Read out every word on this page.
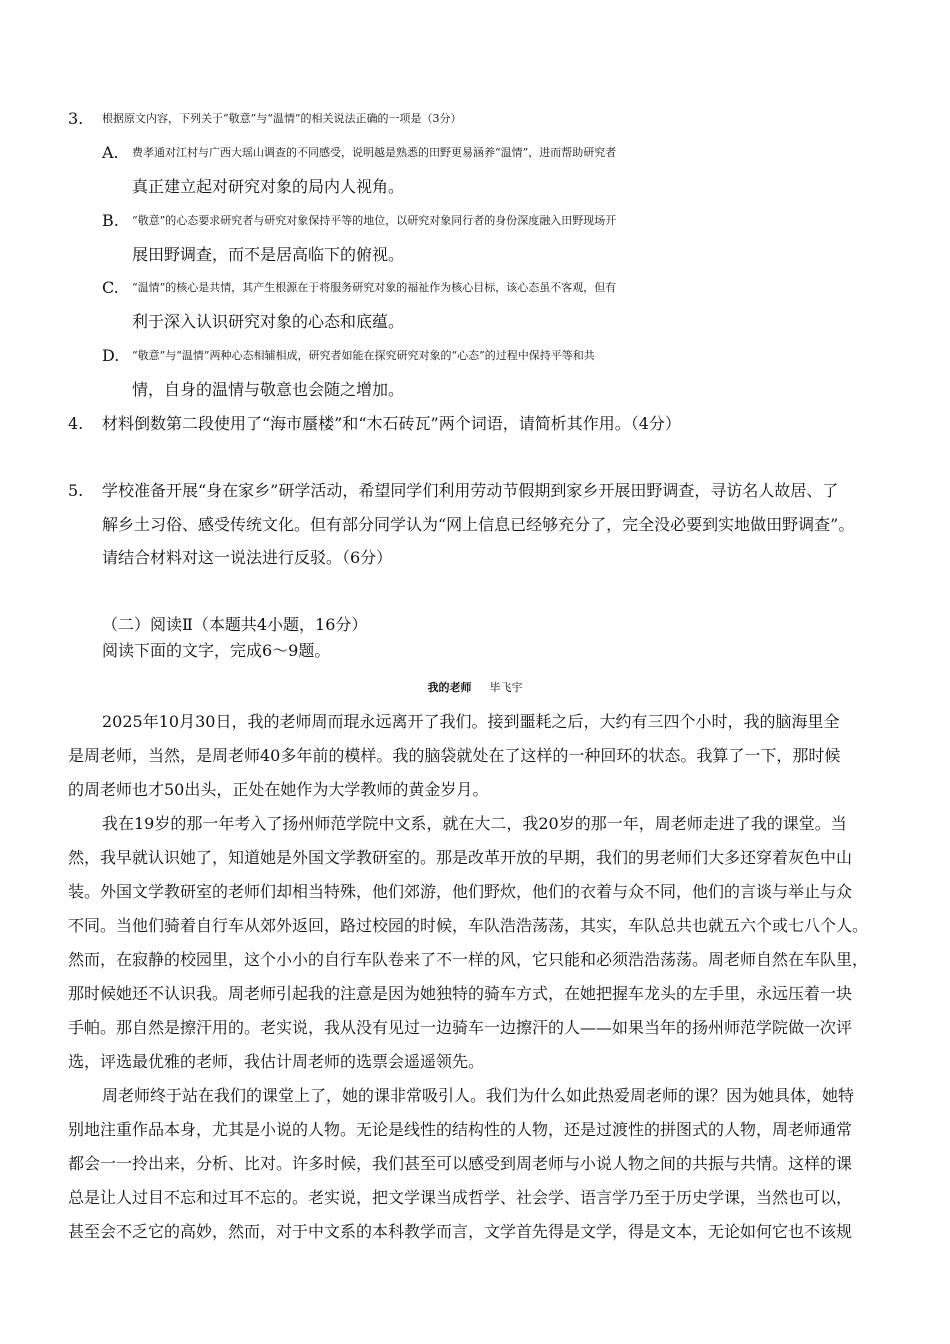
3. 根据原文内容，下列关于“敬意”与“温情”的相关说法正确的一项是（3分）
A. 费孝通对江村与广西大瑶山调查的不同感受，说明越是熟悉的田野更易涵养“温情”，进而帮助研究者
真正建立起对研究对象的局内人视角。
B. “敬意”的心态要求研究者与研究对象保持平等的地位，以研究对象同行者的身份深度融入田野现场开
展田野调查，而不是居高临下的俯视。
C. “温情”的核心是共情，其产生根源在于将服务研究对象的福祉作为核心目标，该心态虽不客观，但有
利于深入认识研究对象的心态和底蕴。
D. “敬意”与“温情”两种心态相辅相成，研究者如能在探究研究对象的“心态”的过程中保持平等和共
情，自身的温情与敬意也会随之增加。
4. 材料倒数第二段使用了“海市蜃楼”和“木石砖瓦”两个词语，请简析其作用。（4分）
5. 学校准备开展“身在家乡”研学活动，希望同学们利用劳动节假期到家乡开展田野调查，寻访名人故居、了
解乡土习俗、感受传统文化。但有部分同学认为“网上信息已经够充分了，完全没必要到实地做田野调查”。
请结合材料对这一说法进行反驳。（6分）
（二）阅读Ⅱ（本题共4小题，16分）
阅读下面的文字，完成6～9题。
我的老师 毕飞宇
2025年10月30日，我的老师周而琨永远离开了我们。接到噩耗之后，大约有三四个小时，我的脑海里全
是周老师，当然，是周老师40多年前的模样。我的脑袋就处在了这样的一种回环的状态。我算了一下，那时候
的周老师也才50出头，正处在她作为大学教师的黄金岁月。
我在19岁的那一年考入了扬州师范学院中文系，就在大二，我20岁的那一年，周老师走进了我的课堂。当
然，我早就认识她了，知道她是外国文学教研室的。那是改革开放的早期，我们的男老师们大多还穿着灰色中山
装。外国文学教研室的老师们却相当特殊，他们郊游，他们野炊，他们的衣着与众不同，他们的言谈与举止与众
不同。当他们骑着自行车从郊外返回，路过校园的时候，车队浩浩荡荡，其实，车队总共也就五六个或七八个人。
然而，在寂静的校园里，这个小小的自行车队卷来了不一样的风，它只能和必须浩浩荡荡。周老师自然在车队里，
那时候她还不认识我。周老师引起我的注意是因为她独特的骑车方式，在她把握车龙头的左手里，永远压着一块
手帕。那自然是擦汗用的。老实说，我从没有见过一边骑车一边擦汗的人——如果当年的扬州师范学院做一次评
选，评选最优雅的老师，我估计周老师的选票会遥遥领先。
周老师终于站在我们的课堂上了，她的课非常吸引人。我们为什么如此热爱周老师的课？因为她具体，她特
别地注重作品本身，尤其是小说的人物。无论是线性的结构性的人物，还是过渡性的拼图式的人物，周老师通常
都会一一拎出来，分析、比对。许多时候，我们甚至可以感受到周老师与小说人物之间的共振与共情。这样的课
总是让人过目不忘和过耳不忘的。老实说，把文学课当成哲学、社会学、语言学乃至于历史学课，当然也可以，
甚至会不乏它的高妙，然而，对于中文系的本科教学而言，文学首先得是文学，得是文本，无论如何它也不该规
